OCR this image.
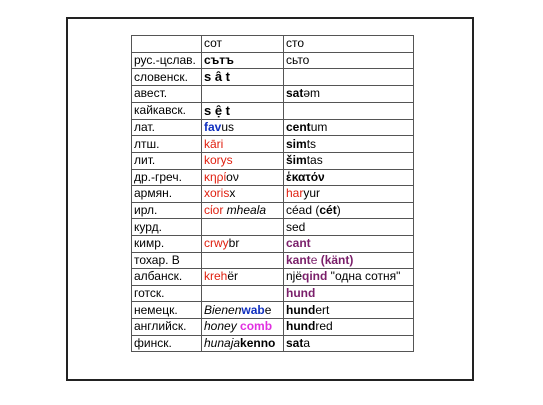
	сот	сто
рус.-цслав.	сътъ	сьто
словенск.	s â t	
авест.		satəm
кайкавск.	s ệ t	
лат.	favus	centum
лтш.	kāri	simts
лит.	korys	šimtas
др.-греч.	κηρίον	ἑκατόν
армян.	xorisx	haryur
ирл.	cίor mheala	céad (cét)
курд.		sed
кимр.	crwybr	cant
тохар. B		kante (känt)
албанск.	krehër	njëqind "одна сотня"
готск.		hund
немецк.	Bienenwabe	hundert
английск.	honey comb	hundred
финск.	hunajakenno	sata
